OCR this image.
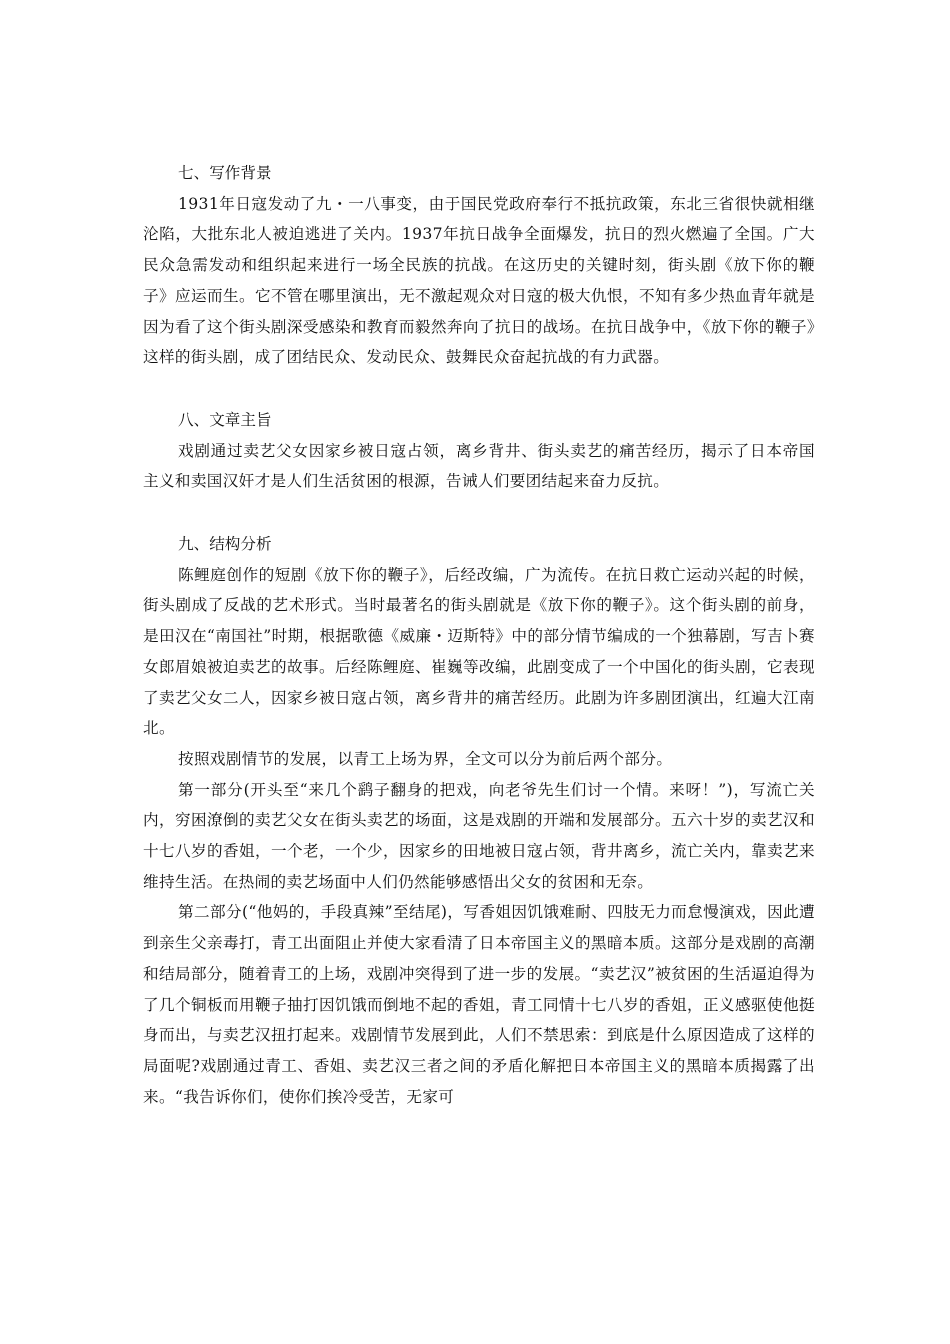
七、写作背景

1931年日寇发动了九・一八事变，由于国民党政府奉行不抵抗政策，东北三省很快就相继沦陷，大批东北人被迫逃进了关内。1937年抗日战争全面爆发，抗日的烈火燃遍了全国。广大民众急需发动和组织起来进行一场全民族的抗战。在这历史的关键时刻，街头剧《放下你的鞭子》应运而生。它不管在哪里演出，无不激起观众对日寇的极大仇恨，不知有多少热血青年就是因为看了这个街头剧深受感染和教育而毅然奔向了抗日的战场。在抗日战争中，《放下你的鞭子》这样的街头剧，成了团结民众、发动民众、鼓舞民众奋起抗战的有力武器。

八、文章主旨

戏剧通过卖艺父女因家乡被日寇占领，离乡背井、街头卖艺的痛苦经历，揭示了日本帝国主义和卖国汉奸才是人们生活贫困的根源，告诫人们要团结起来奋力反抗。

九、结构分析

陈鲤庭创作的短剧《放下你的鞭子》，后经改编，广为流传。在抗日救亡运动兴起的时候，街头剧成了反战的艺术形式。当时最著名的街头剧就是《放下你的鞭子》。这个街头剧的前身，是田汉在“南国社”时期，根据歌德《威廉・迈斯特》中的部分情节编成的一个独幕剧，写吉卜赛女郎眉娘被迫卖艺的故事。后经陈鲤庭、崔巍等改编，此剧变成了一个中国化的街头剧，它表现了卖艺父女二人，因家乡被日寇占领，离乡背井的痛苦经历。此剧为许多剧团演出，红遍大江南北。

按照戏剧情节的发展，以青工上场为界，全文可以分为前后两个部分。

第一部分(开头至“来几个鹞子翻身的把戏，向老爷先生们讨一个情。来呀！”)，写流亡关内，穷困潦倒的卖艺父女在街头卖艺的场面，这是戏剧的开端和发展部分。五六十岁的卖艺汉和十七八岁的香姐，一个老，一个少，因家乡的田地被日寇占领，背井离乡，流亡关内，靠卖艺来维持生活。在热闹的卖艺场面中人们仍然能够感悟出父女的贫困和无奈。

第二部分(“他妈的，手段真辣”至结尾)，写香姐因饥饿难耐、四肢无力而怠慢演戏，因此遭到亲生父亲毒打，青工出面阻止并使大家看清了日本帝国主义的黑暗本质。这部分是戏剧的高潮和结局部分，随着青工的上场，戏剧冲突得到了进一步的发展。“卖艺汉”被贫困的生活逼迫得为了几个铜板而用鞭子抽打因饥饿而倒地不起的香姐，青工同情十七八岁的香姐，正义感驱使他挺身而出，与卖艺汉扭打起来。戏剧情节发展到此，人们不禁思索：到底是什么原因造成了这样的局面呢?戏剧通过青工、香姐、卖艺汉三者之间的矛盾化解把日本帝国主义的黑暗本质揭露了出来。“我告诉你们，使你们挨冷受苦，无家可
